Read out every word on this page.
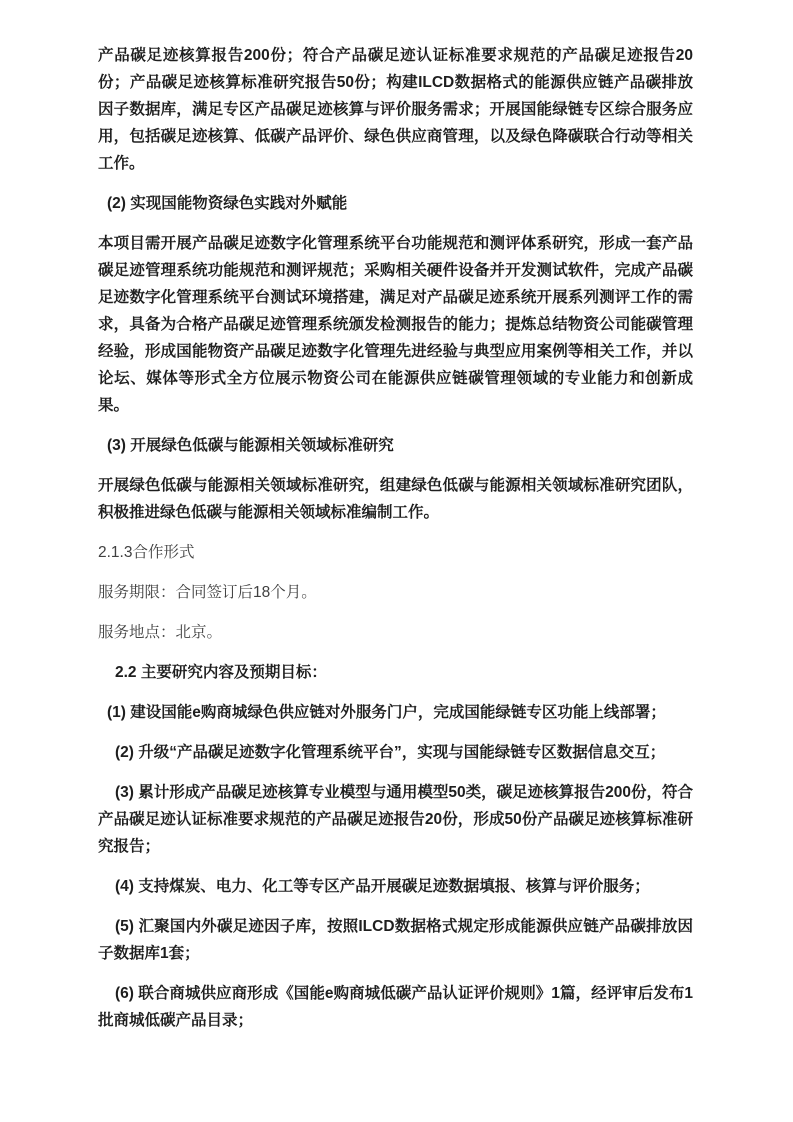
产品碳足迹核算报告200份；符合产品碳足迹认证标准要求规范的产品碳足迹报告20份；产品碳足迹核算标准研究报告50份；构建ILCD数据格式的能源供应链产品碳排放因子数据库，满足专区产品碳足迹核算与评价服务需求；开展国能绿链专区综合服务应用，包括碳足迹核算、低碳产品评价、绿色供应商管理，以及绿色降碳联合行动等相关工作。

(2) 实现国能物资绿色实践对外赋能

本项目需开展产品碳足迹数字化管理系统平台功能规范和测评体系研究，形成一套产品碳足迹管理系统功能规范和测评规范；采购相关硬件设备并开发测试软件，完成产品碳足迹数字化管理系统平台测试环境搭建，满足对产品碳足迹系统开展系列测评工作的需求，具备为合格产品碳足迹管理系统颁发检测报告的能力；提炼总结物资公司能碳管理经验，形成国能物资产品碳足迹数字化管理先进经验与典型应用案例等相关工作，并以论坛、媒体等形式全方位展示物资公司在能源供应链碳管理领域的专业能力和创新成果。

(3) 开展绿色低碳与能源相关领域标准研究

开展绿色低碳与能源相关领域标准研究，组建绿色低碳与能源相关领域标准研究团队，积极推进绿色低碳与能源相关领域标准编制工作。

2.1.3合作形式

服务期限：合同签订后18个月。

服务地点：北京。

2.2 主要研究内容及预期目标：

(1) 建设国能e购商城绿色供应链对外服务门户，完成国能绿链专区功能上线部署；

(2) 升级“产品碳足迹数字化管理系统平台”，实现与国能绿链专区数据信息交互；

(3) 累计形成产品碳足迹核算专业模型与通用模型50类，碳足迹核算报告200份，符合产品碳足迹认证标准要求规范的产品碳足迹报告20份，形成50份产品碳足迹核算标准研究报告；

(4) 支持煤炭、电力、化工等专区产品开展碳足迹数据填报、核算与评价服务；

(5) 汇聚国内外碳足迹因子库，按照ILCD数据格式规定形成能源供应链产品碳排放因子数据库1套；

(6) 联合商城供应商形成《国能e购商城低碳产品认证评价规则》1篇，经评审后发布1批商城低碳产品目录；
